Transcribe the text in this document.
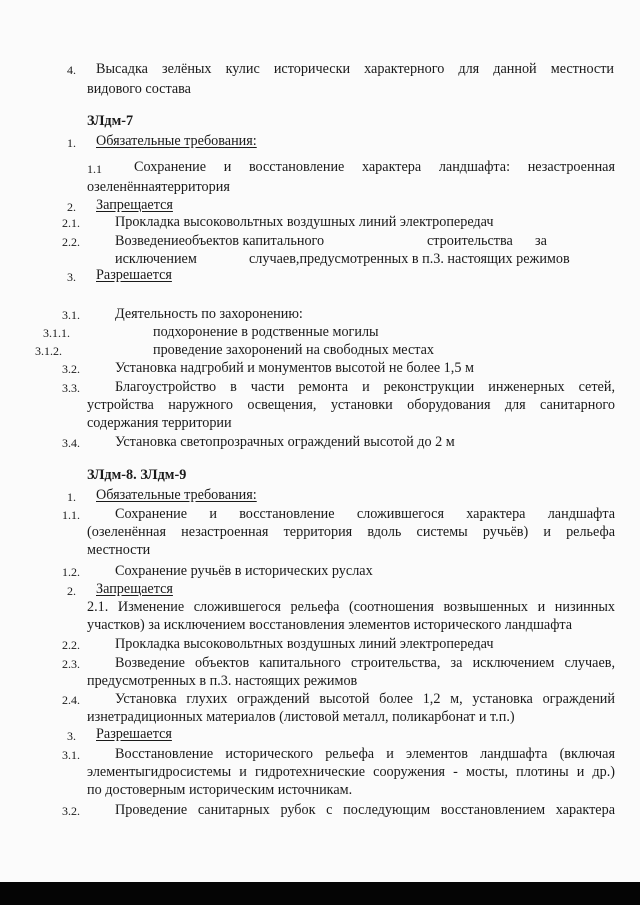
4. Высадка зелёных кулис исторически характерного для данной местности
видового состава
ЗЛдм-7
1. Обязательные требования:
1.1 Сохранение и восстановление характера ландшафта: незастроенная
озеленённаятерритория
2. Запрещается
2.1. Прокладка высоковольтных воздушных линий электропередач
2.2. Возведениеобъектов капитального	строительства за
исключением	случаев,предусмотренных в п.3. настоящих режимов
3. Разрешается
3.1. Деятельность по захоронению:
3.1.1.	подхоронение в родственные могилы
3.1.2.	проведение захоронений на свободных местах
3.2. Установка надгробий и монументов высотой не более 1,5 м
3.3. Благоустройство в части ремонта и реконструкции инженерных сетей,
устройства наружного освещения, установки оборудования для санитарного
содержания территории
3.4. Установка светопрозрачных ограждений высотой до 2 м
ЗЛдм-8. ЗЛдм-9
1. Обязательные требования:
1.1. Сохранение и восстановление сложившегося характера ландшафта
(озеленённая незастроенная территория вдоль системы ручьёв) и рельефа
местности
1.2. Сохранение ручьёв в исторических руслах
2. Запрещается
2.1. Изменение сложившегося рельефа (соотношения возвышенных и низинных
участков) за исключением восстановления элементов исторического ландшафта
2.2. Прокладка высоковольтных воздушных линий электропередач
2.3. Возведение объектов капитального строительства, за исключением случаев,
предусмотренных в п.3. настоящих режимов
2.4. Установка глухих ограждений высотой более 1,2 м, установка ограждений
изнетрадиционных материалов (листовой металл, поликарбонат и т.п.)
3. Разрешается
3.1. Восстановление исторического рельефа и элементов ландшафта (включая
элементыгидросистемы и гидротехнические сооружения - мосты, плотины и др.)
по достоверным историческим источникам.
3.2. Проведение санитарных рубок с последующим восстановлением характера
